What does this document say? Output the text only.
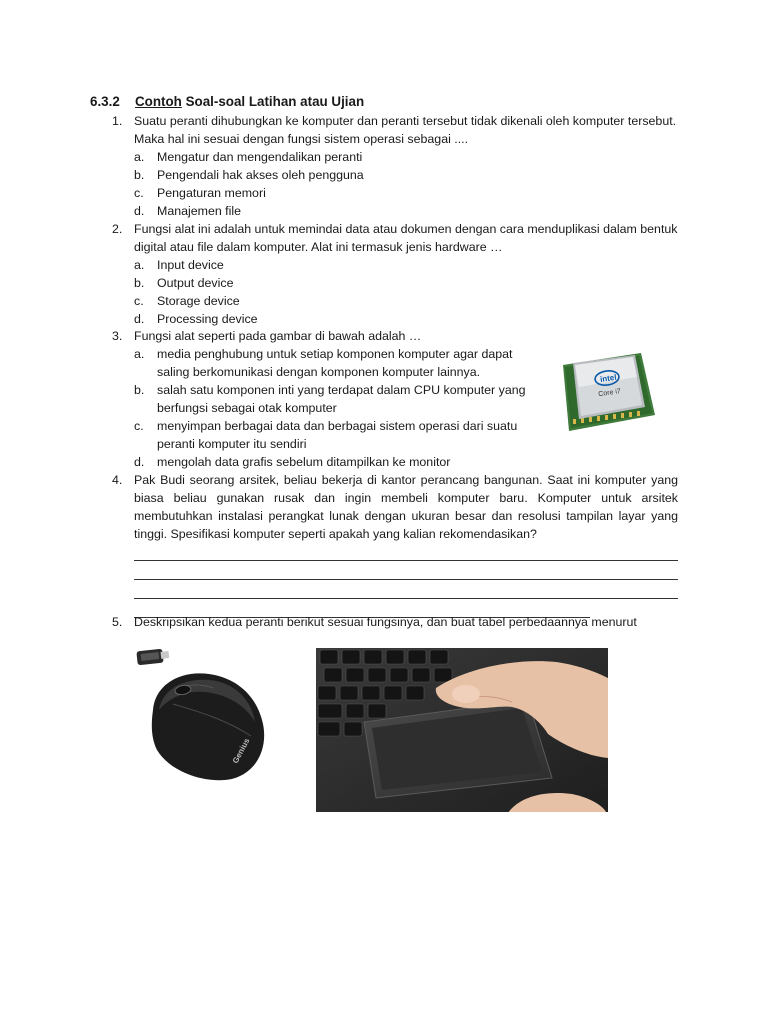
6.3.2 Contoh Soal-soal Latihan atau Ujian
1. Suatu peranti dihubungkan ke komputer dan peranti tersebut tidak dikenali oleh komputer tersebut. Maka hal ini sesuai dengan fungsi sistem operasi sebagai ....
a. Mengatur dan mengendalikan peranti
b. Pengendali hak akses oleh pengguna
c. Pengaturan memori
d. Manajemen file
2. Fungsi alat ini adalah untuk memindai data atau dokumen dengan cara menduplikasi dalam bentuk digital atau file dalam komputer. Alat ini termasuk jenis hardware …
a. Input device
b. Output device
c. Storage device
d. Processing device
3. Fungsi alat seperti pada gambar di bawah adalah …
a. media penghubung untuk setiap komponen komputer agar dapat saling berkomunikasi dengan komponen komputer lainnya.
b. salah satu komponen inti yang terdapat dalam CPU komputer yang berfungsi sebagai otak komputer
c. menyimpan berbagai data dan berbagai sistem operasi dari suatu peranti komputer itu sendiri
d. mengolah data grafis sebelum ditampilkan ke monitor
intel
Core i7
4. Pak Budi seorang arsitek, beliau bekerja di kantor perancang bangunan. Saat ini komputer yang biasa beliau gunakan rusak dan ingin membeli komputer baru. Komputer untuk arsitek membutuhkan instalasi perangkat lunak dengan ukuran besar dan resolusi tampilan layar yang tinggi. Spesifikasi komputer seperti apakah yang kalian rekomendasikan?
5. Deskripsikan kedua peranti berikut sesuai fungsinya, dan buat tabel perbedaannya menurut
Genius
